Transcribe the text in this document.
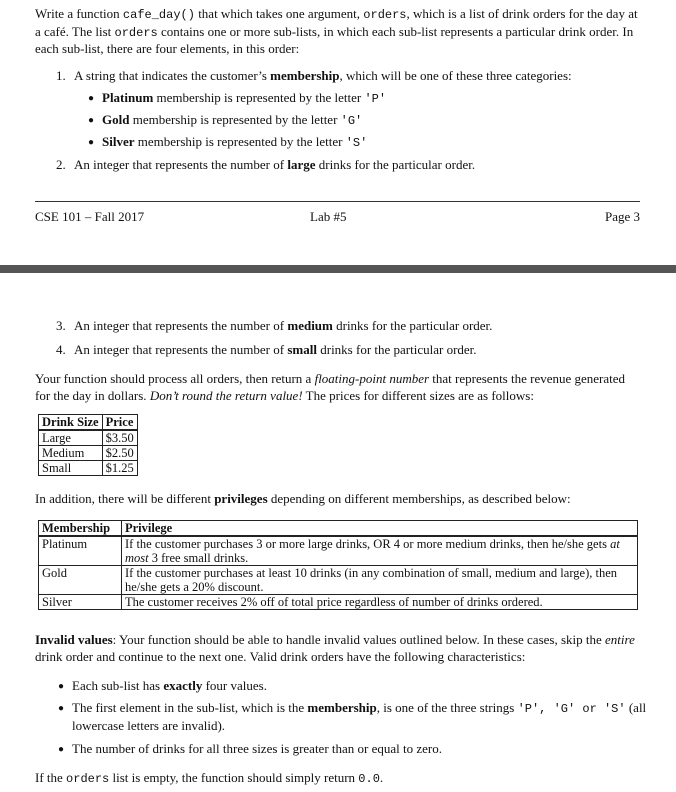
Write a function cafe_day() that which takes one argument, orders, which is a list of drink orders for the day at a café. The list orders contains one or more sub-lists, in which each sub-list represents a particular drink order. In each sub-list, there are four elements, in this order:

1. A string that indicates the customer’s membership, which will be one of these three categories:
● Platinum membership is represented by the letter 'P'
● Gold membership is represented by the letter 'G'
● Silver membership is represented by the letter 'S'
2. An integer that represents the number of large drinks for the particular order.
CSE 101 – Fall 2017	Lab #5	Page 3
3. An integer that represents the number of medium drinks for the particular order.
4. An integer that represents the number of small drinks for the particular order.

Your function should process all orders, then return a floating-point number that represents the revenue generated for the day in dollars. Don’t round the return value! The prices for different sizes are as follows:

Drink Size	Price
Large	$3.50
Medium	$2.50
Small	$1.25

In addition, there will be different privileges depending on different memberships, as described below:

Membership	Privilege
Platinum	If the customer purchases 3 or more large drinks, OR 4 or more medium drinks, then he/she gets at most 3 free small drinks.
Gold	If the customer purchases at least 10 drinks (in any combination of small, medium and large), then he/she gets a 20% discount.
Silver	The customer receives 2% off of total price regardless of number of drinks ordered.

Invalid values: Your function should be able to handle invalid values outlined below. In these cases, skip the entire drink order and continue to the next one. Valid drink orders have the following characteristics:

● Each sub-list has exactly four values.
● The first element in the sub-list, which is the membership, is one of the three strings 'P', 'G' or 'S' (all lowercase letters are invalid).
● The number of drinks for all three sizes is greater than or equal to zero.

If the orders list is empty, the function should simply return 0.0.
